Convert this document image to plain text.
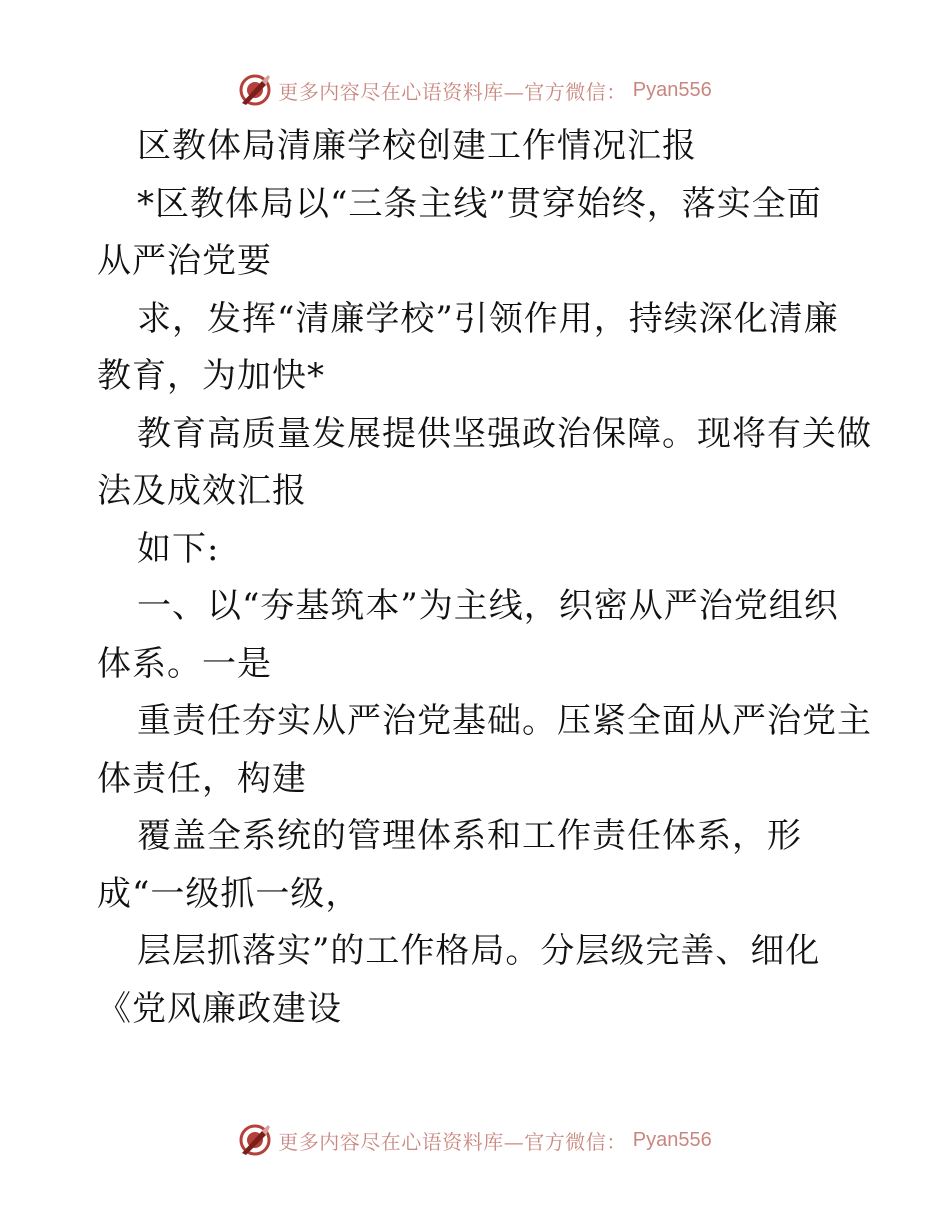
更多内容尽在心语资料库—官方微信： Pyan556
区教体局清廉学校创建工作情况汇报
*区教体局以“三条主线”贯穿始终，落实全面
从严治党要
求，发挥“清廉学校”引领作用，持续深化清廉
教育，为加快*
教育高质量发展提供坚强政治保障。现将有关做
法及成效汇报
如下:
一、以“夯基筑本”为主线，织密从严治党组织
体系。一是
重责任夯实从严治党基础。压紧全面从严治党主
体责任，构建
覆盖全系统的管理体系和工作责任体系，形
成“一级抓一级，
层层抓落实”的工作格局。分层级完善、细化
《党风廉政建设
更多内容尽在心语资料库—官方微信： Pyan556
